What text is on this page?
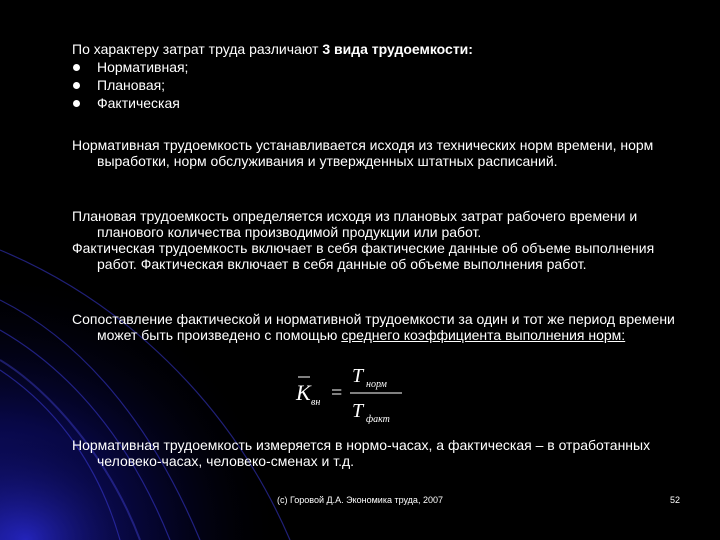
По характеру затрат труда различают 3 вида трудоемкости:
Нормативная;
Плановая;
Фактическая

Нормативная трудоемкость устанавливается исходя из технических норм времени, норм выработки, норм обслуживания и утвержденных штатных расписаний.

Плановая трудоемкость определяется исходя из плановых затрат рабочего времени и планового количества производимой продукции или работ.

Фактическая трудоемкость включает в себя фактические данные об объеме выполнения работ. Фактическая включает в себя данные об объеме выполнения работ.

Сопоставление фактической и нормативной трудоемкости за один и тот же период времени может быть произведено с помощью среднего коэффициента выполнения норм:

K вн =
T норм
T факт

Нормативная трудоемкость измеряется в нормо-часах, а фактическая – в отработанных человеко-часах, человеко-сменах и т.д.

(с) Горовой Д.А. Экономика труда, 2007	52
